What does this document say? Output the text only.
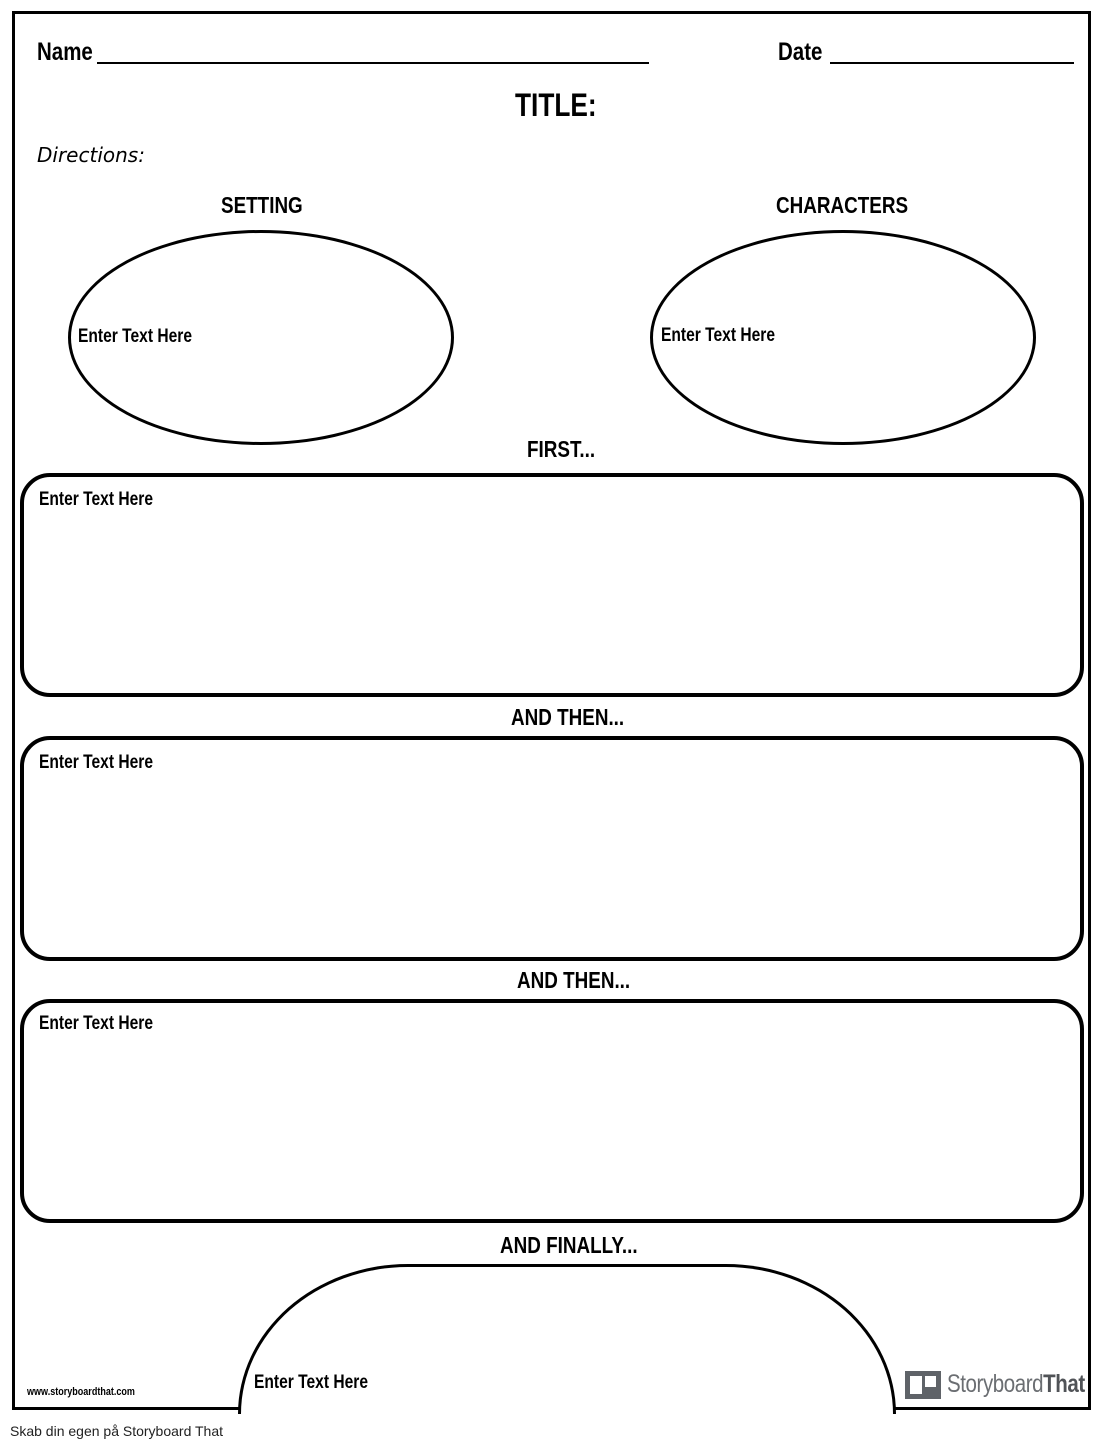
Name	Date
TITLE:
Directions:
SETTING
Enter Text Here
CHARACTERS
Enter Text Here
FIRST...
Enter Text Here
AND THEN...
Enter Text Here
AND THEN...
Enter Text Here
AND FINALLY...
Enter Text Here
www.storyboardthat.com	StoryboardThat
Skab din egen på Storyboard That
